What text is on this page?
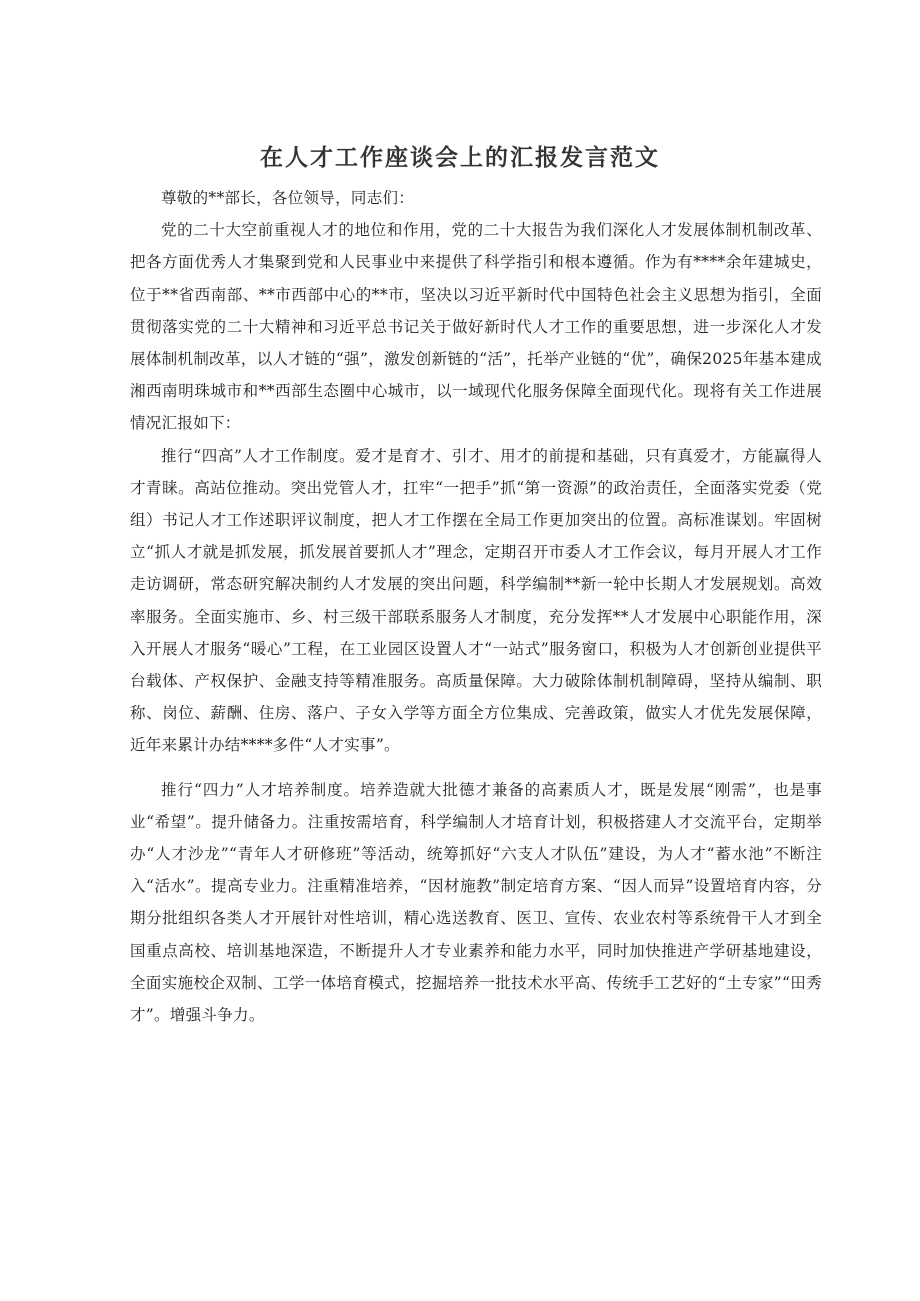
在人才工作座谈会上的汇报发言范文

尊敬的**部长，各位领导，同志们：

党的二十大空前重视人才的地位和作用，党的二十大报告为我们深化人才发展体制机制改革、把各方面优秀人才集聚到党和人民事业中来提供了科学指引和根本遵循。作为有****余年建城史，位于**省西南部、**市西部中心的**市，坚决以习近平新时代中国特色社会主义思想为指引，全面贯彻落实党的二十大精神和习近平总书记关于做好新时代人才工作的重要思想，进一步深化人才发展体制机制改革，以人才链的“强”，激发创新链的“活”，托举产业链的“优”，确保2025年基本建成湘西南明珠城市和**西部生态圈中心城市，以一域现代化服务保障全面现代化。现将有关工作进展情况汇报如下：

推行“四高”人才工作制度。爱才是育才、引才、用才的前提和基础，只有真爱才，方能赢得人才青睐。高站位推动。突出党管人才，扛牢“一把手”抓“第一资源”的政治责任，全面落实党委（党组）书记人才工作述职评议制度，把人才工作摆在全局工作更加突出的位置。高标准谋划。牢固树立“抓人才就是抓发展，抓发展首要抓人才”理念，定期召开市委人才工作会议，每月开展人才工作走访调研，常态研究解决制约人才发展的突出问题，科学编制**新一轮中长期人才发展规划。高效率服务。全面实施市、乡、村三级干部联系服务人才制度，充分发挥**人才发展中心职能作用，深入开展人才服务“暖心”工程，在工业园区设置人才“一站式”服务窗口，积极为人才创新创业提供平台载体、产权保护、金融支持等精准服务。高质量保障。大力破除体制机制障碍，坚持从编制、职称、岗位、薪酬、住房、落户、子女入学等方面全方位集成、完善政策，做实人才优先发展保障，近年来累计办结****多件“人才实事”。

推行“四力”人才培养制度。培养造就大批德才兼备的高素质人才，既是发展“刚需”，也是事业“希望”。提升储备力。注重按需培育，科学编制人才培育计划，积极搭建人才交流平台，定期举办“人才沙龙”“青年人才研修班”等活动，统筹抓好“六支人才队伍”建设，为人才“蓄水池”不断注入“活水”。提高专业力。注重精准培养，“因材施教”制定培育方案、“因人而异”设置培育内容，分期分批组织各类人才开展针对性培训，精心选送教育、医卫、宣传、农业农村等系统骨干人才到全国重点高校、培训基地深造，不断提升人才专业素养和能力水平，同时加快推进产学研基地建设，全面实施校企双制、工学一体培育模式，挖掘培养一批技术水平高、传统手工艺好的“土专家”“田秀才”。增强斗争力。
